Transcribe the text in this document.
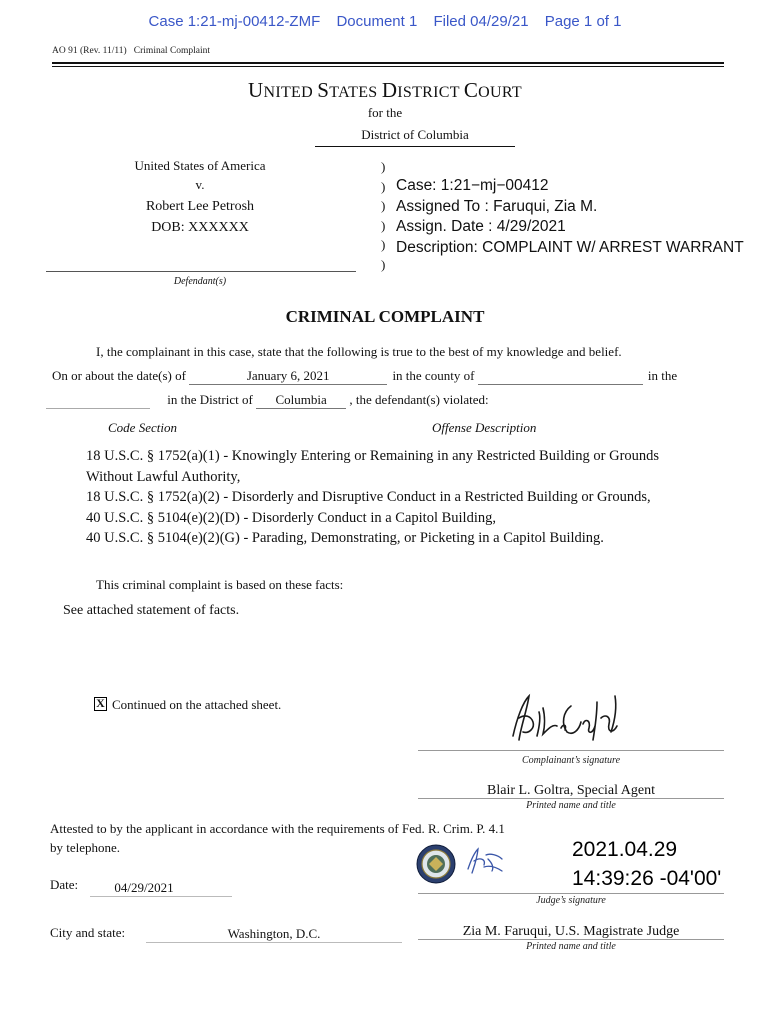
Case 1:21-mj-00412-ZMF Document 1 Filed 04/29/21 Page 1 of 1
AO 91 (Rev. 11/11)   Criminal Complaint
UNITED STATES DISTRICT COURT
for the
District of Columbia
United States of America
v.
Robert Lee Petrosh
DOB: XXXXXX
Defendant(s)
)
)
)
)
)
)
Case: 1:21−mj−00412
Assigned To : Faruqui, Zia M.
Assign. Date : 4/29/2021
Description: COMPLAINT W/ ARREST WARRANT
CRIMINAL COMPLAINT
I, the complainant in this case, state that the following is true to the best of my knowledge and belief.
On or about the date(s) of	January 6, 2021	in the county of	in the
in the District of Columbia , the defendant(s) violated:
Code Section	Offense Description
18 U.S.C. § 1752(a)(1) - Knowingly Entering or Remaining in any Restricted Building or Grounds
Without Lawful Authority,
18 U.S.C. § 1752(a)(2) - Disorderly and Disruptive Conduct in a Restricted Building or Grounds,
40 U.S.C. § 5104(e)(2)(D) - Disorderly Conduct in a Capitol Building,
40 U.S.C. § 5104(e)(2)(G) - Parading, Demonstrating, or Picketing in a Capitol Building.
This criminal complaint is based on these facts:
See attached statement of facts.
X Continued on the attached sheet.
Complainant’s signature
Blair L. Goltra, Special Agent
Printed name and title
Attested to by the applicant in accordance with the requirements of Fed. R. Crim. P. 4.1
by telephone.
Date:	04/29/2021
City and state:	Washington, D.C.
2021.04.29
14:39:26 -04'00'
Judge’s signature
Zia M. Faruqui, U.S. Magistrate Judge
Printed name and title
